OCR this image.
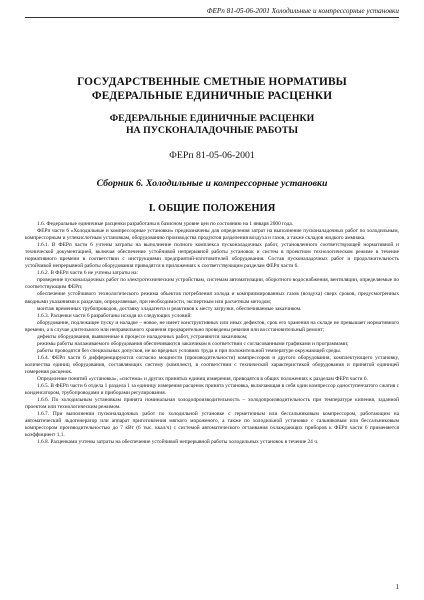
ФЕРп 81-05-06-2001 Холодильные и компрессорные установки
ГОСУДАРСТВЕННЫЕ СМЕТНЫЕ НОРМАТИВЫ
ФЕДЕРАЛЬНЫЕ ЕДИНИЧНЫЕ РАСЦЕНКИ
ФЕДЕРАЛЬНЫЕ ЕДИНИЧНЫЕ РАСЦЕНКИ
НА ПУСКОНАЛАДОЧНЫЕ РАБОТЫ
ФЕРп 81-05-06-2001
Сборник 6. Холодильные и компрессорные установки
I. ОБЩИЕ ПОЛОЖЕНИЯ

1.6. Федеральные единичные расценки разработаны в базисном уровне цен по состоянию на 1 января 2000 года.

ФЕРп части 6 «Холодильные и компрессорные установки» предназначены для определения затрат на выполнение пусконаладочных работ по холодильным, компрессорным и углекислотным установкам, оборудованию производства продуктов разделения воздуха и газов, а также складов жидкого аммиака.

1.6.1. В ФЕРп части 6 учтены затраты на выполнение полного комплекса пусконаладочных работ, установленного соответствующей нормативной и технической документацией, включая обеспечение устойчивой непрерывной работы установок и систем в проектном технологическом режиме в течение нормативного времени в соответствии с инструкциями предприятий-изготовителей оборудования. Состав пусконаладочных работ и продолжительность устойчивой непрерывной работы оборудования приводятся в приложениях к соответствующим разделам ФЕРп части 6.

1.6.2. В ФЕРп части 6 не учтены затраты на:

проведение пусконаладочных работ по электротехническим устройствам, системам автоматизации, оборотного водоснабжения, вентиляции, определяемые по соответствующим ФЕРп;

обеспечение устойчивого технологического режима объектов потребления холода и комприимированных газов (воздуха) сверх сроков, предусмотренных вводными указаниями к разделам, определяемые, при необходимости, экспертным или расчетным методом;

монтаж временных трубопроводов, доставку хладагента и реактивов к месту загрузки, обеспечиваемые заказчиком.

1.6.3. Расценки части 6 разработаны исходя из следующих условий:

оборудование, подлежащее пуску и наладке – новое, не имеет конструктивных или иных дефектов, срок его хранения на складе не превышает нормативного времени, а в случае длительного или неправильного хранения предварительно проведены ревизия или восстановительный ремонт;

дефекты оборудования, выявленные в процессе наладочных работ, устраняются заказчиком;

режимы работы налаживаемого оборудования обеспечиваются заказчиком в соответствии с согласованными графиками и программами;

работы проводятся без специальных допусков, не во вредных условиях труда и при положительной температуре окружающей среды.

1.6.4. ФЕРп части 6 дифференцируются согласно мощности (производительности) компрессоров и другого оборудования, комплектующего установку, количества единиц оборудования, составляющих систему (комплект), в соответствии с технической характеристикой оборудования и принятой единицей измерения расценок.

Определение понятий «установка», «система» и других принятых единиц измерения, приводятся в общих положениях к разделам ФЕРп части 6.

1.6.5. В ФЕРп части 6 отдела 1 раздела 1 за единицу измерения расценок принята установка, включающая в себя один компрессор одноступенчатого сжатия с конденсатором, трубопроводами и приборами регулирования.

1.6.6. По холодильным установкам принята номинальная холодопроизводительность – холодопроизводительность при температуре кипения, заданной проектом или технологическим режимом.

1.6.7. При выполнении пусконаладочных работ по холодильной установке с герметичным или бессальниковым компрессором, работающим на автоматический льдогенератор или аппарат приготовления мягкого мороженого, а также по холодильной установке с сальниковым или бессальниковым компрессором производительностью до 7 кВт (6 тыс. ккал/ч) с системой автоматического оттаивания охлаждающих приборов к ФЕРп части 6 применяется коэффициент 1,1.

1.6.8. Расценками учтены затраты на обеспечение устойчивой непрерывной работы холодильных установок в течение 24 ч.

1
